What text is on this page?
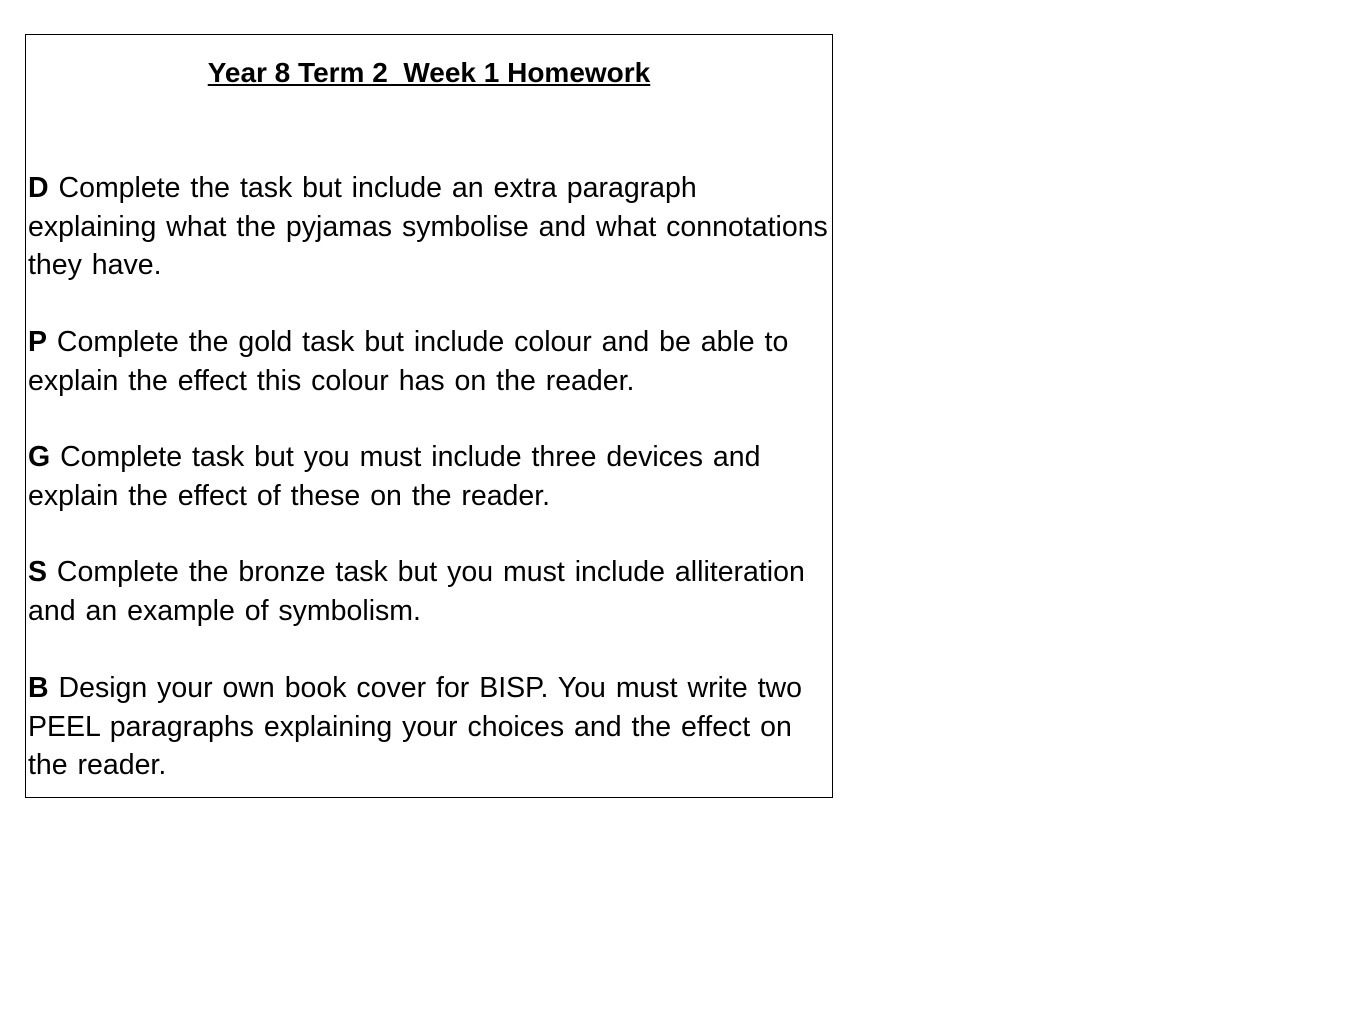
Year 8 Term 2  Week 1 Homework
D Complete the task but include an extra paragraph explaining what the pyjamas symbolise and what connotations they have.
P Complete the gold task but include colour and be able to explain the effect this colour has on the reader.
G Complete task but you must include three devices and explain the effect of these on the reader.
S Complete the bronze task but you must include alliteration and an example of symbolism.
B Design your own book cover for BISP. You must write two PEEL paragraphs explaining your choices and the effect on the reader.
